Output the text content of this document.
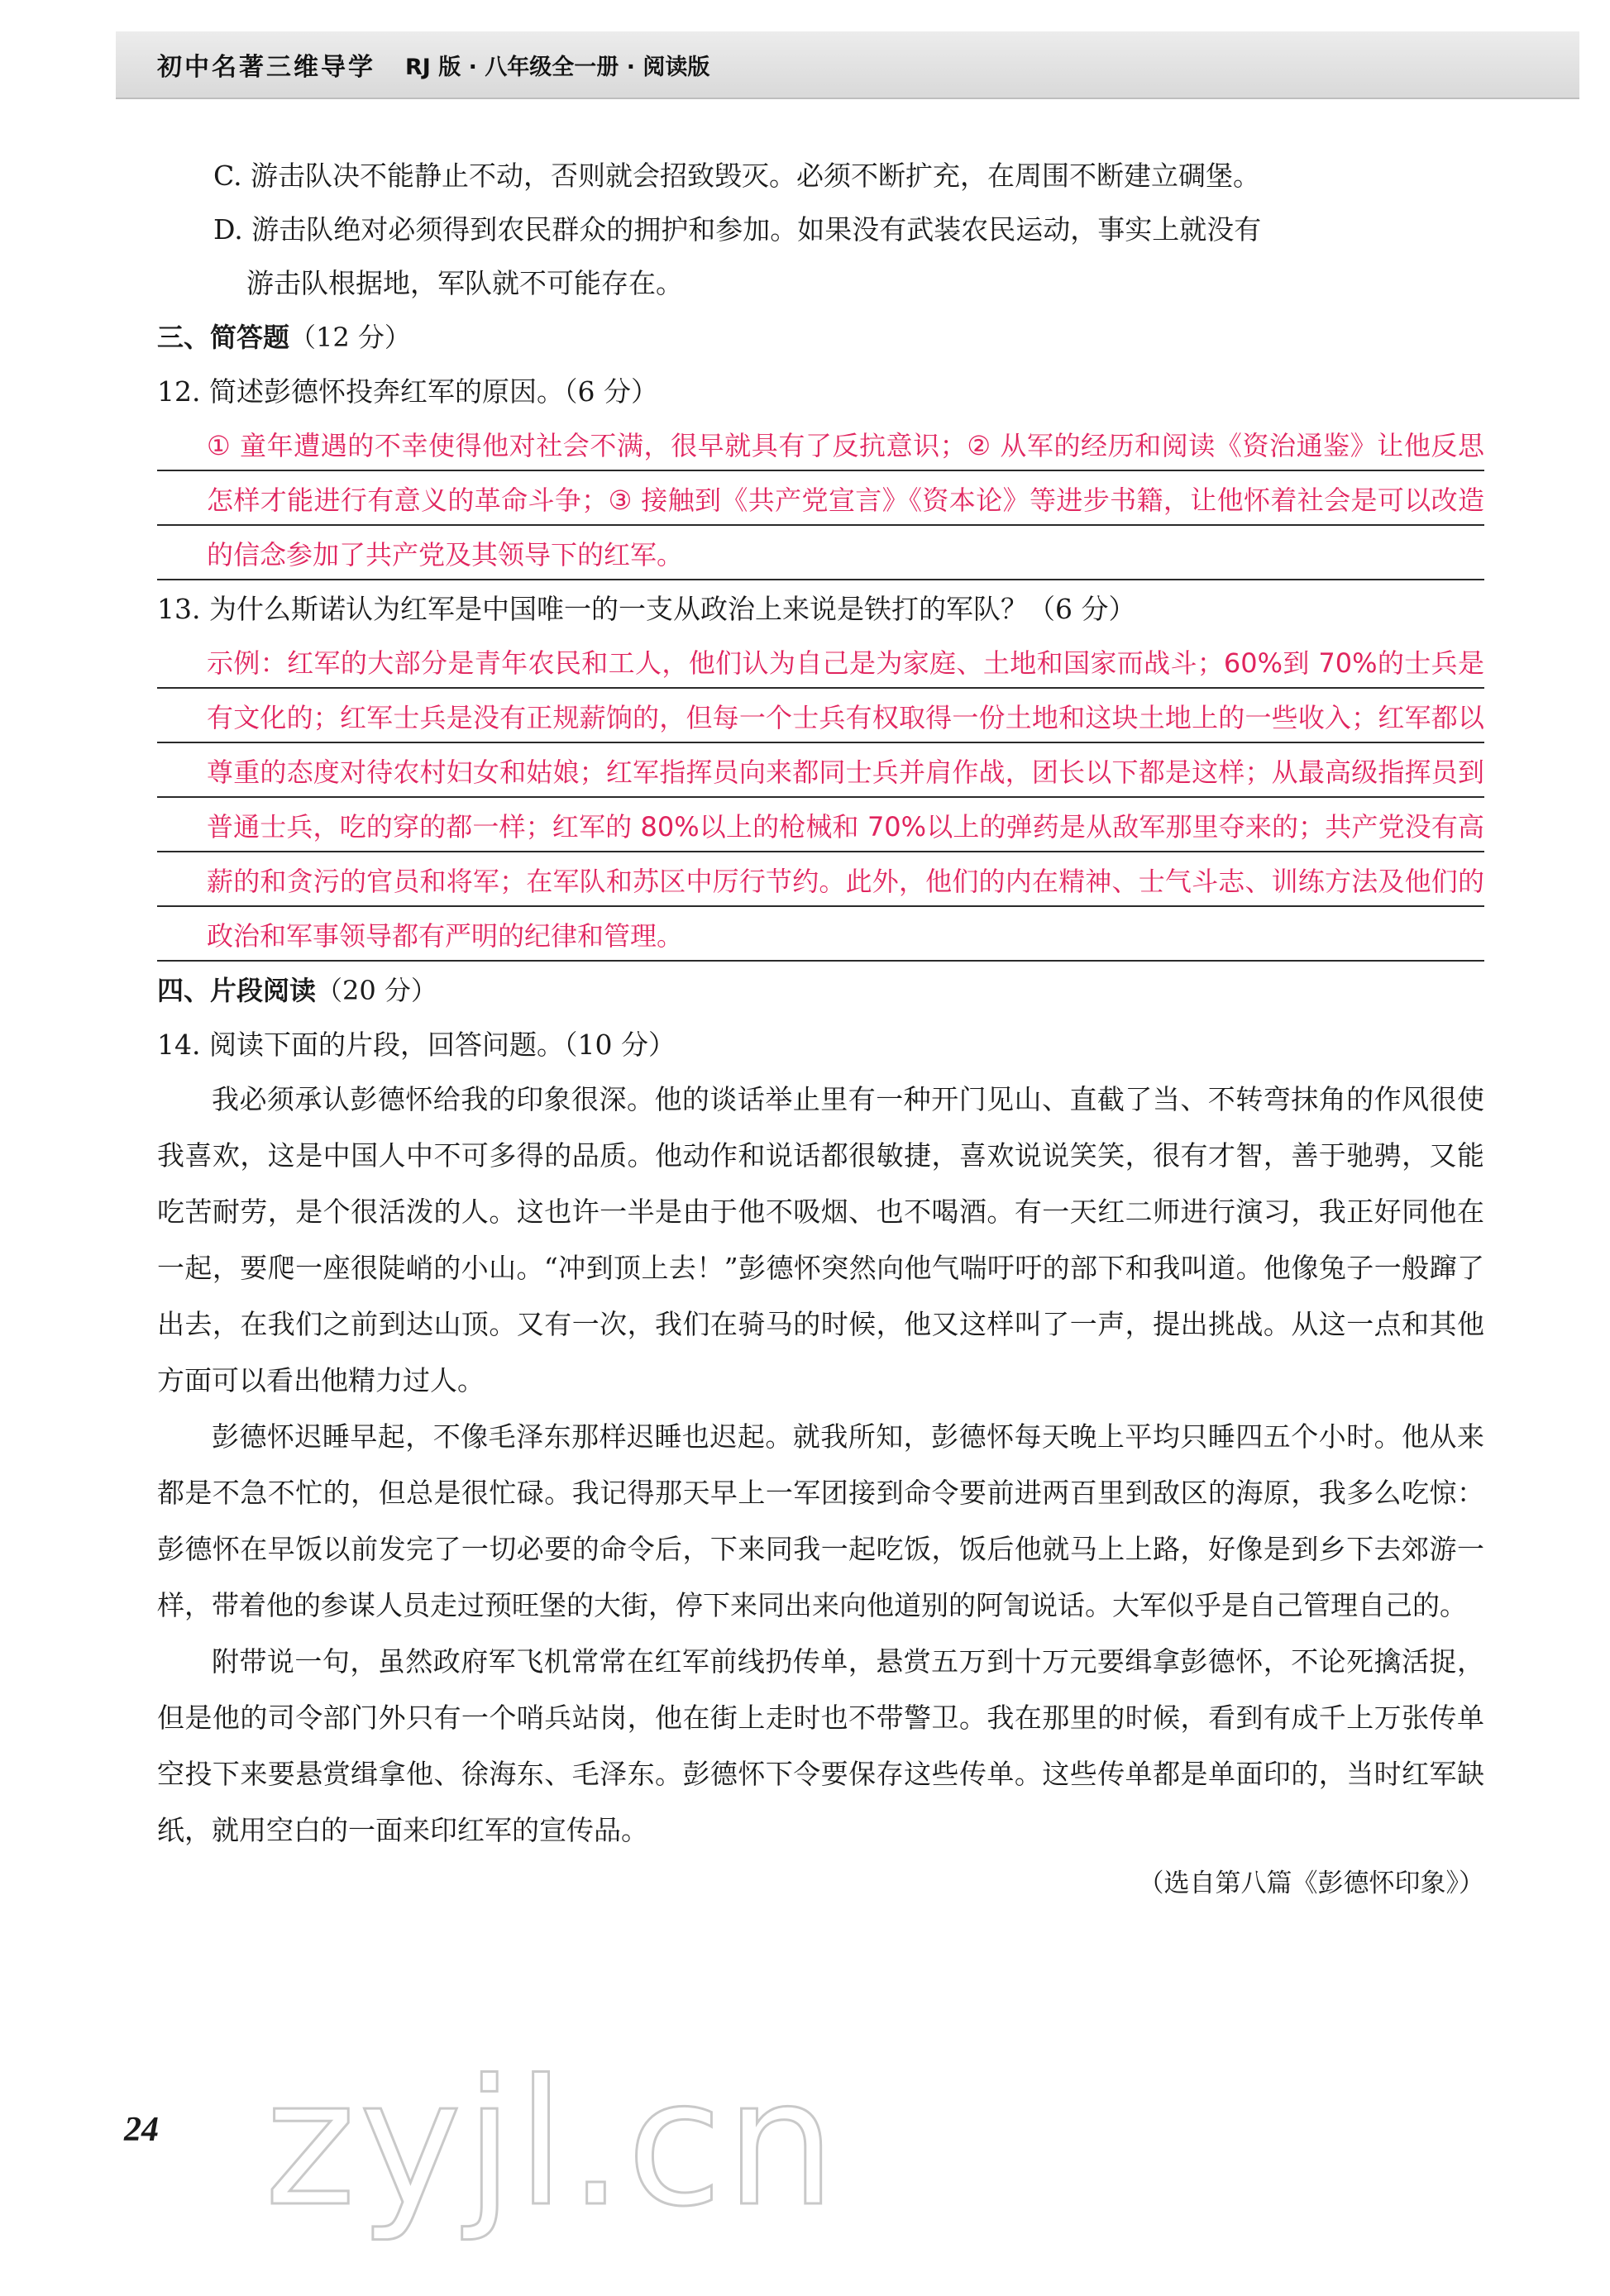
初中名著三维导学 RJ 版 · 八年级全一册 · 阅读版
C. 游击队决不能静止不动，否则就会招致毁灭。必须不断扩充，在周围不断建立碉堡。
D. 游击队绝对必须得到农民群众的拥护和参加。如果没有武装农民运动，事实上就没有
游击队根据地，军队就不可能存在。
三、简答题（12 分）
12. 简述彭德怀投奔红军的原因。（6 分）
① 童年遭遇的不幸使得他对社会不满，很早就具有了反抗意识；② 从军的经历和阅读《资治通鉴》让他反思怎样才能进行有意义的革命斗争；③ 接触到《共产党宣言》《资本论》等进步书籍，让他怀着社会是可以改造的信念参加了共产党及其领导下的红军。
13. 为什么斯诺认为红军是中国唯一的一支从政治上来说是铁打的军队？（6 分）
示例：红军的大部分是青年农民和工人，他们认为自己是为家庭、土地和国家而战斗；60%到 70%的士兵是有文化的；红军士兵是没有正规薪饷的，但每一个士兵有权取得一份土地和这块土地上的一些收入；红军都以尊重的态度对待农村妇女和姑娘；红军指挥员向来都同士兵并肩作战，团长以下都是这样；从最高级指挥员到普通士兵，吃的穿的都一样；红军的 80%以上的枪械和 70%以上的弹药是从敌军那里夺来的；共产党没有高薪的和贪污的官员和将军；在军队和苏区中厉行节约。此外，他们的内在精神、士气斗志、训练方法及他们的政治和军事领导都有严明的纪律和管理。
四、片段阅读（20 分）
14. 阅读下面的片段，回答问题。（10 分）
我必须承认彭德怀给我的印象很深。他的谈话举止里有一种开门见山、直截了当、不转弯抹角的作风很使我喜欢，这是中国人中不可多得的品质。他动作和说话都很敏捷，喜欢说说笑笑，很有才智，善于驰骋，又能吃苦耐劳，是个很活泼的人。这也许一半是由于他不吸烟、也不喝酒。有一天红二师进行演习，我正好同他在一起，要爬一座很陡峭的小山。“冲到顶上去！”彭德怀突然向他气喘吁吁的部下和我叫道。他像兔子一般蹿了出去，在我们之前到达山顶。又有一次，我们在骑马的时候，他又这样叫了一声，提出挑战。从这一点和其他方面可以看出他精力过人。
彭德怀迟睡早起，不像毛泽东那样迟睡也迟起。就我所知，彭德怀每天晚上平均只睡四五个小时。他从来都是不急不忙的，但总是很忙碌。我记得那天早上一军团接到命令要前进两百里到敌区的海原，我多么吃惊：彭德怀在早饭以前发完了一切必要的命令后，下来同我一起吃饭，饭后他就马上上路，好像是到乡下去郊游一样，带着他的参谋人员走过预旺堡的大街，停下来同出来向他道别的阿訇说话。大军似乎是自己管理自己的。
附带说一句，虽然政府军飞机常常在红军前线扔传单，悬赏五万到十万元要缉拿彭德怀，不论死擒活捉，但是他的司令部门外只有一个哨兵站岗，他在街上走时也不带警卫。我在那里的时候，看到有成千上万张传单空投下来要悬赏缉拿他、徐海东、毛泽东。彭德怀下令要保存这些传单。这些传单都是单面印的，当时红军缺纸，就用空白的一面来印红军的宣传品。
（选自第八篇《彭德怀印象》）
zyjl.cn
24
